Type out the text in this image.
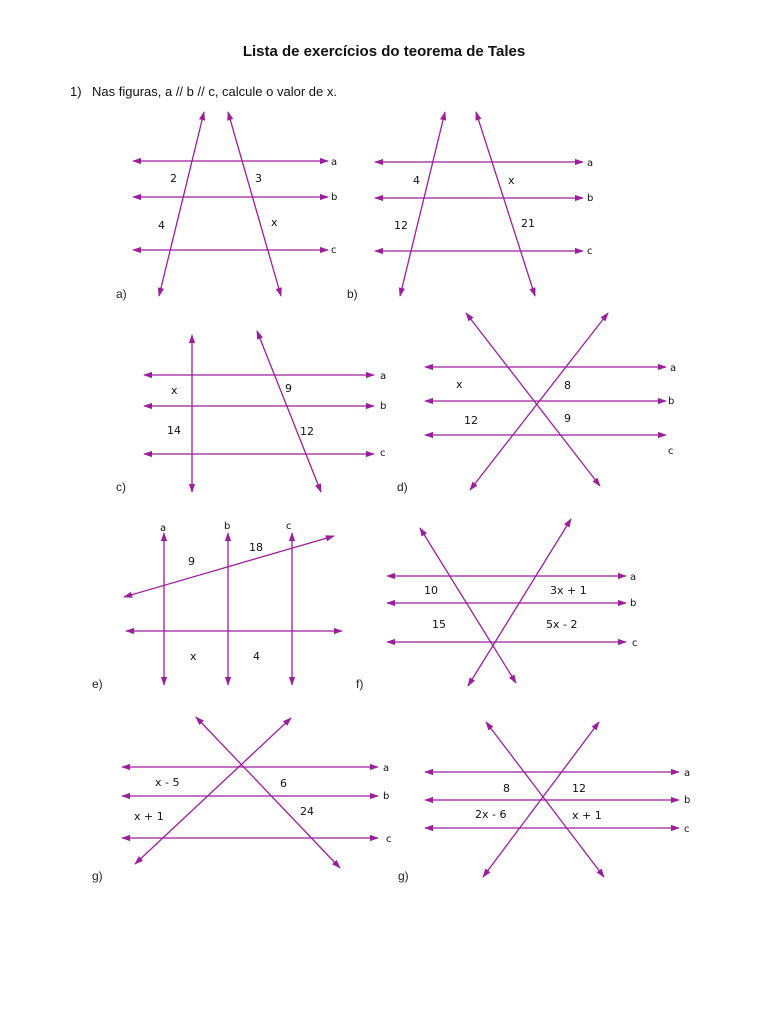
Lista de exercícios do teorema de Tales
1) Nas figuras, a // b // c, calcule o valor de x.
a
b
c
2	3
4	x
a)
a
b
c
4	x
12	21
b)
a
b
c
x	9
14	12
c)
a
b
c
x	8
12	9
d)
a	b	c
9
18
x	4
e)
a
b
c
10	3x + 1
15	5x - 2
f)
a
b
c
x - 5	6
x + 1	24
g)
a
b
c
8	12
2x - 6	x + 1
g)
